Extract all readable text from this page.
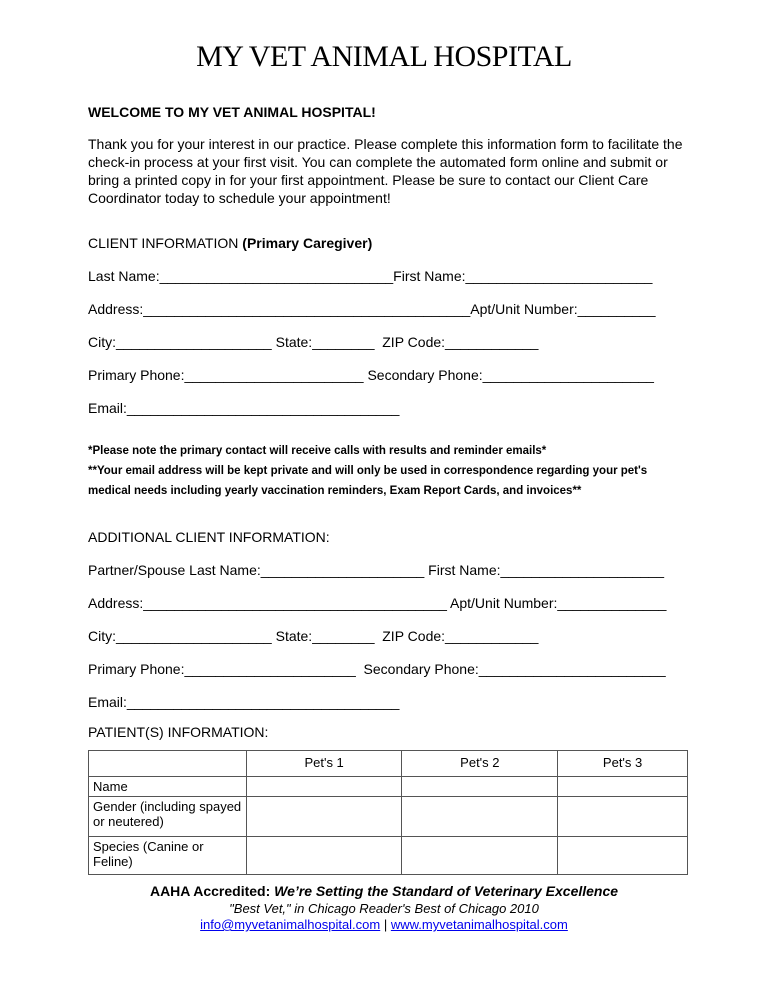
MY VET ANIMAL HOSPITAL
WELCOME TO MY VET ANIMAL HOSPITAL!
Thank you for your interest in our practice. Please complete this information form to facilitate the check-in process at your first visit. You can complete the automated form online and submit or bring a printed copy in for your first appointment. Please be sure to contact our Client Care Coordinator today to schedule your appointment!
CLIENT INFORMATION (Primary Caregiver)
Last Name:______________________________First Name:________________________
Address:__________________________________________Apt/Unit Number:__________
City:____________________ State:________  ZIP Code:____________
Primary Phone:_______________________ Secondary Phone:______________________
Email:___________________________________
*Please note the primary contact will receive calls with results and reminder emails*
**Your email address will be kept private and will only be used in correspondence regarding your pet's
medical needs including yearly vaccination reminders, Exam Report Cards, and invoices**
ADDITIONAL CLIENT INFORMATION:
Partner/Spouse Last Name:_____________________ First Name:_____________________
Address:_______________________________________ Apt/Unit Number:______________
City:____________________ State:________  ZIP Code:____________
Primary Phone:______________________  Secondary Phone:________________________
Email:___________________________________
PATIENT(S) INFORMATION:
	Pet's 1	Pet's 2	Pet's 3
Name			
Gender (including spayed or neutered)			
Species (Canine or Feline)			
AAHA Accredited: We’re Setting the Standard of Veterinary Excellence
"Best Vet," in Chicago Reader's Best of Chicago 2010
info@myvetanimalhospital.com | www.myvetanimalhospital.com
